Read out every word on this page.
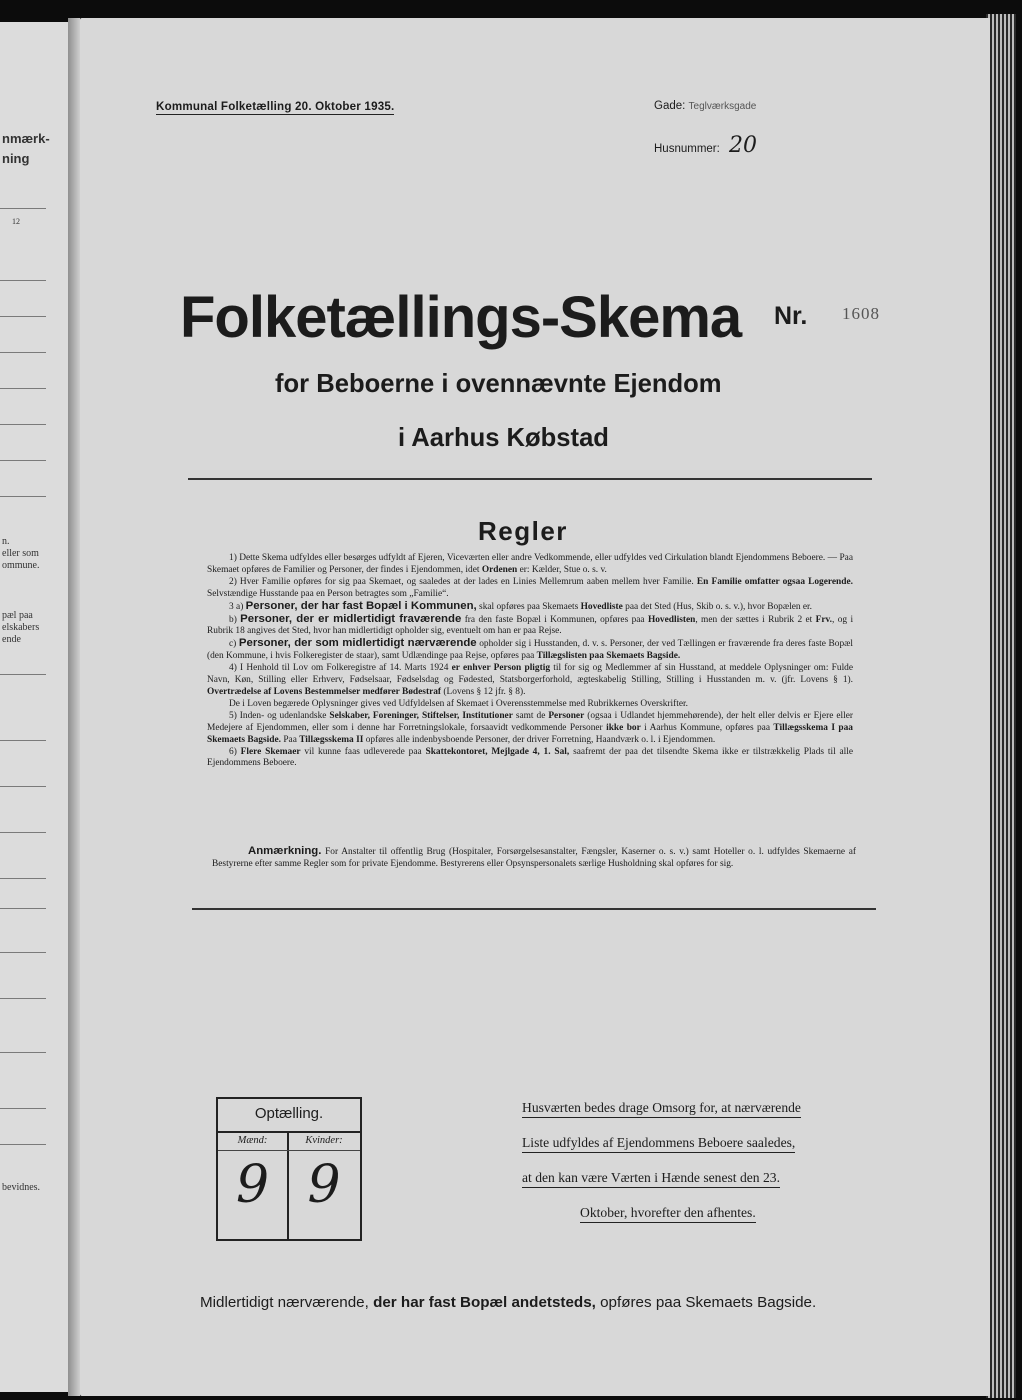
nmærk-
ning
12
n.
eller som
ommune.
pæl paa
elskabers
ende
bevidnes.
Kommunal Folketælling 20. Oktober 1935.	Gade: Teglværksgade
Husnummer: 20
Folketællings-Skema Nr. 1608
for Beboerne i ovennævnte Ejendom
i Aarhus Købstad
Regler

1) Dette Skema udfyldes eller besørges udfyldt af Ejeren, Viceværten eller andre Vedkommende, eller udfyldes ved Cirkulation blandt Ejendommens Beboere. — Paa Skemaet opføres de Familier og Personer, der findes i Ejendommen, idet Ordenen er: Kælder, Stue o. s. v.

2) Hver Familie opføres for sig paa Skemaet, og saaledes at der lades en Linies Mellemrum aaben mellem hver Familie. En Familie omfatter ogsaa Logerende. Selvstændige Husstande paa en Person betragtes som „Familie“.

3 a) Personer, der har fast Bopæl i Kommunen, skal opføres paa Skemaets Hovedliste paa det Sted (Hus, Skib o. s. v.), hvor Bopælen er.

b) Personer, der er midlertidigt fraværende fra den faste Bopæl i Kommunen, opføres paa Hovedlisten, men der sættes i Rubrik 2 et Frv., og i Rubrik 18 angives det Sted, hvor han midlertidigt opholder sig, eventuelt om han er paa Rejse.

c) Personer, der som midlertidigt nærværende opholder sig i Husstanden, d. v. s. Personer, der ved Tællingen er fraværende fra deres faste Bopæl (den Kommune, i hvis Folkeregister de staar), samt Udlændinge paa Rejse, opføres paa Tillægslisten paa Skemaets Bagside.

4) I Henhold til Lov om Folkeregistre af 14. Marts 1924 er enhver Person pligtig til for sig og Medlemmer af sin Husstand, at meddele Oplysninger om: Fulde Navn, Køn, Stilling eller Erhverv, Fødselsaar, Fødselsdag og Fødested, Statsborgerforhold, ægteskabelig Stilling, Stilling i Husstanden m. v. (jfr. Lovens § 1). Overtrædelse af Lovens Bestemmelser medfører Bødestraf (Lovens § 12 jfr. § 8).

De i Loven begærede Oplysninger gives ved Udfyldelsen af Skemaet i Overensstemmelse med Rubrikkernes Overskrifter.

5) Inden- og udenlandske Selskaber, Foreninger, Stiftelser, Institutioner samt de Personer (ogsaa i Udlandet hjemmehørende), der helt eller delvis er Ejere eller Medejere af Ejendommen, eller som i denne har Forretningslokale, forsaavidt vedkommende Personer ikke bor i Aarhus Kommune, opføres paa Tillægsskema I paa Skemaets Bagside. Paa Tillægsskema II opføres alle indenbysboende Personer, der driver Forretning, Haandværk o. l. i Ejendommen.

6) Flere Skemaer vil kunne faas udleverede paa Skattekontoret, Mejlgade 4, 1. Sal, saafremt der paa det tilsendte Skema ikke er tilstrækkelig Plads til alle Ejendommens Beboere.

Anmærkning. For Anstalter til offentlig Brug (Hospitaler, Forsørgelsesanstalter, Fængsler, Kaserner o. s. v.) samt Hoteller o. l. udfyldes Skemaerne af Bestyrerne efter samme Regler som for private Ejendomme. Bestyrerens eller Opsynspersonalets særlige Husholdning skal opføres for sig.
Optælling.
Mænd:	Kvinder:
9 9
Husværten bedes drage Omsorg for, at nærværende
Liste udfyldes af Ejendommens Beboere saaledes,
at den kan være Værten i Hænde senest den 23.
Oktober, hvorefter den afhentes.
Midlertidigt nærværende, der har fast Bopæl andetsteds, opføres paa Skemaets Bagside.
